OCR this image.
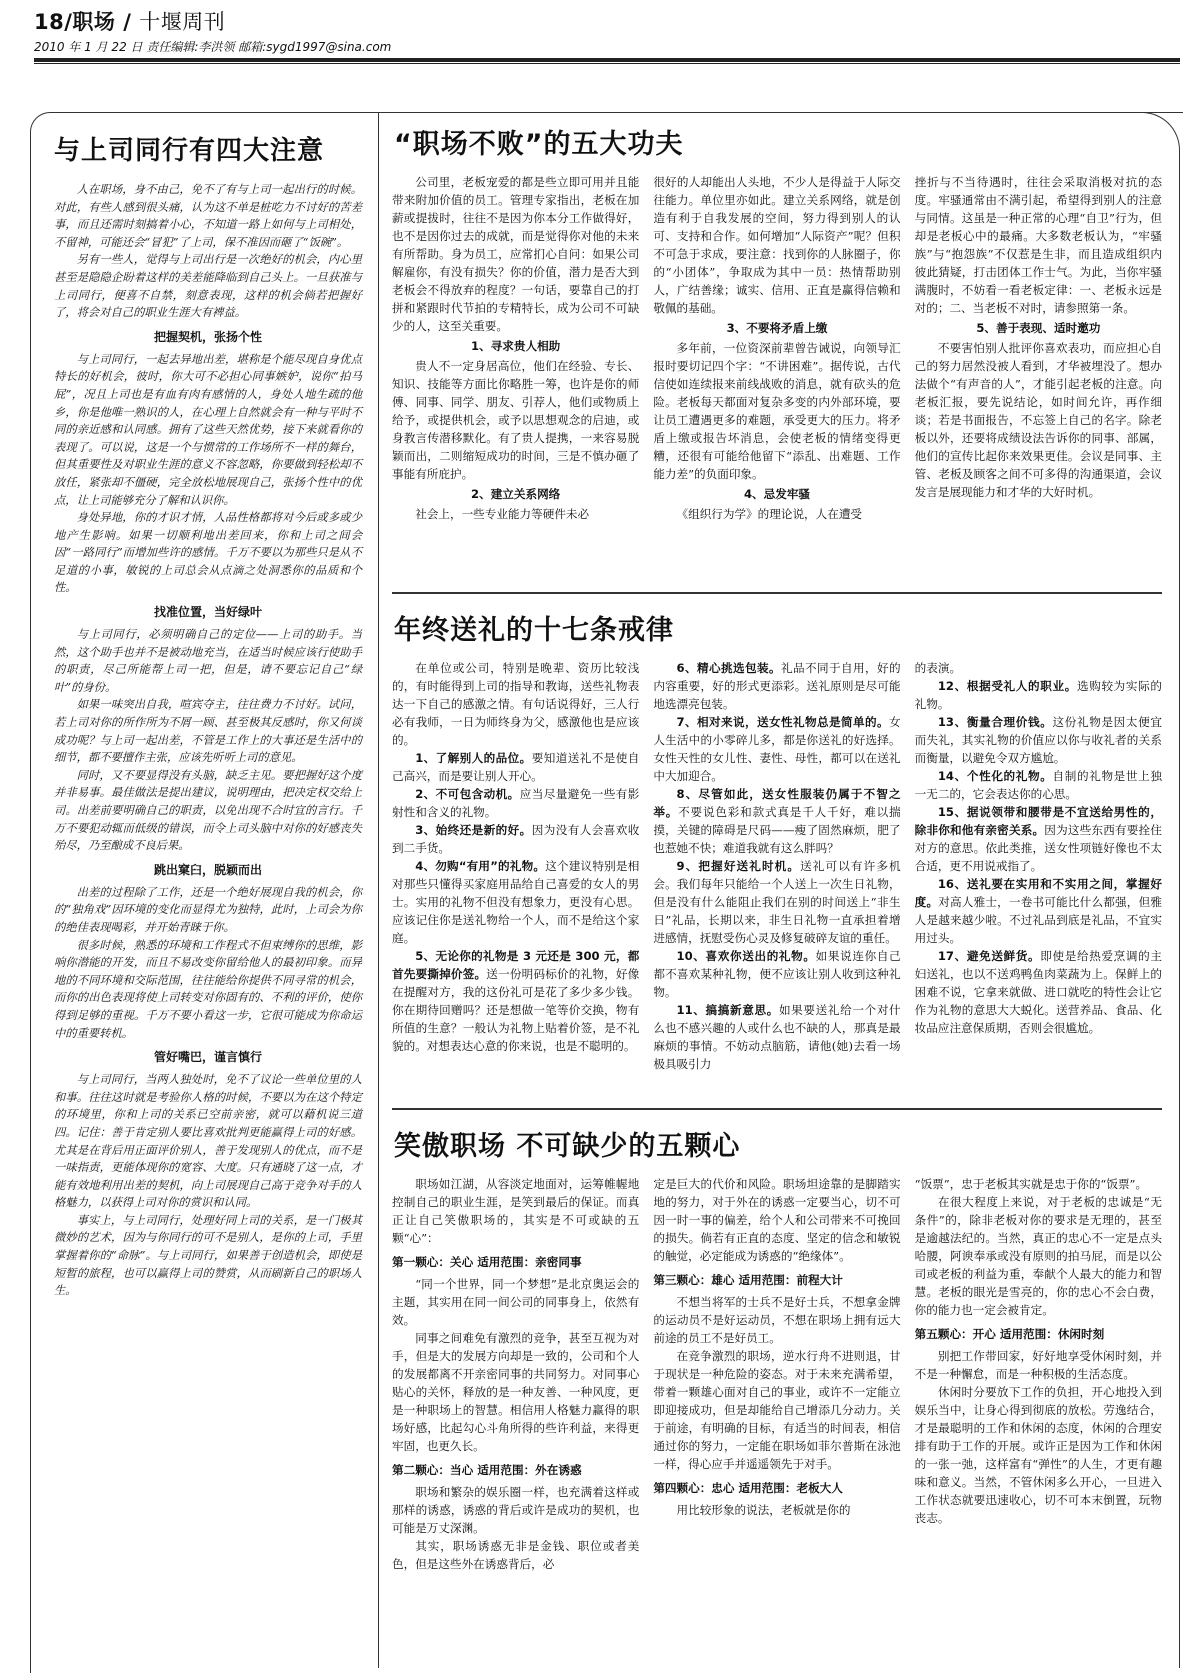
18/职场 / 十堰周刊
2010 年 1 月 22 日 责任编辑:李洪领 邮箱:sygd1997@sina.com
与上司同行有四大注意

人在职场，身不由己，免不了有与上司一起出行的时候。对此，有些人感到很头痛，认为这不单是桩吃力不讨好的苦差事，而且还需时刻搞着小心，不知道一路上如何与上司相处，不留神，可能还会“冒犯”了上司，保不准因而砸了“饭碗”。

另有一些人，觉得与上司出行是一次绝好的机会，内心里甚至是隐隐企盼着这样的美差能降临到自己头上。一旦获准与上司同行，便喜不自禁，刻意表现，这样的机会倘若把握好了，将会对自己的职业生涯大有裨益。

把握契机，张扬个性

与上司同行，一起去异地出差，堪称是个能尽现自身优点特长的好机会，彼时，你大可不必担心同事嫉妒，说你“拍马屁”，况且上司也是有血有肉有感情的人，身处人地生疏的他乡，你是他唯一熟识的人，在心理上自然就会有一种与平时不同的亲近感和认同感。拥有了这些天然优势，接下来就看你的表现了。可以说，这是一个与惯常的工作场所不一样的舞台，但其重要性及对职业生涯的意义不容忽略，你要做到轻松却不放任，紧张却不僵硬，完全放松地展现自己，张扬个性中的优点，让上司能够充分了解和认识你。

身处异地，你的才识才情，人品性格都将对今后或多或少地产生影响。如果一切顺利地出差回来，你和上司之间会因“一路同行”而增加些许的感情。千万不要以为那些只是从不足道的小事，敏锐的上司总会从点滴之处洞悉你的品质和个性。

找准位置，当好绿叶

与上司同行，必须明确自己的定位——上司的助手。当然，这个助手也并不是被动地充当，在适当时候应该行使助手的职责，尽己所能帮上司一把，但是，请不要忘记自己“绿叶”的身份。

如果一味突出自我，喧宾夺主，往往费力不讨好。试问，若上司对你的所作所为不屑一顾、甚至极其反感时，你又何谈成功呢？与上司一起出差，不管是工作上的大事还是生活中的细节，都不要擅作主张，应该先听听上司的意见。

同时，又不要显得没有头脑，缺乏主见。要把握好这个度并非易事。最佳做法是提出建议，说明理由，把决定权交给上司。出差前要明确自己的职责，以免出现不合时宜的言行。千万不要犯动辄而低级的错误，而令上司头脑中对你的好感丧失殆尽，乃至酿成不良后果。

跳出窠臼，脱颖而出

出差的过程除了工作，还是一个绝好展现自我的机会，你的“独角戏”因环境的变化而显得尤为独特，此时，上司会为你的绝佳表现喝彩，并开始青睐于你。

很多时候，熟悉的环境和工作程式不但束缚你的思维，影响你潜能的开发，而且不易改变你留给他人的最初印象。而异地的不同环境和交际范围，往往能给你提供不同寻常的机会，而你的出色表现将使上司转变对你固有的、不利的评价，使你得到足够的重视。千万不要小看这一步，它很可能成为你命运中的重要转机。

管好嘴巴，谨言慎行

与上司同行，当两人独处时，免不了议论一些单位里的人和事。往往这时就是考验你人格的时候，不要以为在这个特定的环境里，你和上司的关系已空前亲密，就可以藉机说三道四。记住：善于肯定别人要比喜欢批判更能赢得上司的好感。尤其是在背后用正面评价别人，善于发现别人的优点，而不是一味指责，更能体现你的宽容、大度。只有通晓了这一点，才能有效地利用出差的契机，向上司展现自己高于竞争对手的人格魅力，以获得上司对你的赏识和认同。

事实上，与上司同行，处理好同上司的关系，是一门极其微妙的艺术，因为与你同行的可不是别人，是你的上司，手里掌握着你的“命脉”。与上司同行，如果善于创造机会，即使是短暂的旅程，也可以赢得上司的赞赏，从而刷新自己的职场人生。

“职场不败”的五大功夫

公司里，老板宠爱的都是些立即可用并且能带来附加价值的员工。管理专家指出，老板在加薪或提拔时，往往不是因为你本分工作做得好，也不是因你过去的成就，而是觉得你对他的未来有所帮助。身为员工，应常扪心自问：如果公司解雇你，有没有损失？你的价值，潜力是否大到老板会不得放弃的程度？一句话，要靠自己的打拼和紧跟时代节拍的专精特长，成为公司不可缺少的人，这至关重要。

1、寻求贵人相助

贵人不一定身居高位，他们在经验、专长、知识、技能等方面比你略胜一筹，也许是你的师傅、同事、同学、朋友、引荐人，他们或物质上给予，或提供机会，或予以思想观念的启迪，或身教言传潜移默化。有了贵人提携，一来容易脱颖而出，二则缩短成功的时间，三是不慎办砸了事能有所庇护。

2、建立关系网络

社会上，一些专业能力等硬件未必

很好的人却能出人头地，不少人是得益于人际交往能力。单位里亦如此。建立关系网络，就是创造有利于自我发展的空间，努力得到别人的认可、支持和合作。如何增加“人际资产”呢？但积不可急于求成，要注意：找到你的人脉圈子，你的“小团体”，争取成为其中一员：热情帮助别人，广结善缘；诚实、信用、正直是赢得信赖和敬佩的基础。

3、不要将矛盾上缴

多年前，一位资深前辈曾告诫说，向领导汇报时要切记四个字：“不讲困难”。据传说，古代信使如连续报来前线战败的消息，就有砍头的危险。老板每天都面对复杂多变的内外部环境，要让员工遭遇更多的难题，承受更大的压力。将矛盾上缴或报告坏消息，会使老板的情绪变得更糟，还很有可能给他留下“添乱、出难题、工作能力差”的负面印象。

4、忌发牢骚

《组织行为学》的理论说，人在遭受

挫折与不当待遇时，往往会采取消极对抗的态度。牢骚通常由不满引起，希望得到别人的注意与同情。这虽是一种正常的心理“自卫”行为，但却是老板心中的最痛。大多数老板认为，“牢骚族”与“抱怨族”不仅惹是生非，而且造成组织内彼此猜疑，打击团体工作士气。为此，当你牢骚满腹时，不妨看一看老板定律：一、老板永远是对的；二、当老板不对时，请参照第一条。

5、善于表现、适时邀功

不要害怕别人批评你喜欢表功，而应担心自己的努力居然没被人看到，才华被埋没了。想办法做个“有声音的人”，才能引起老板的注意。向老板汇报，要先说结论，如时间允许，再作细谈；若是书面报告，不忘签上自己的名字。除老板以外，还要将成绩设法告诉你的同事、部属，他们的宣传比起你来效果更佳。会议是同事、主管、老板及顾客之间不可多得的沟通渠道，会议发言是展现能力和才华的大好时机。

年终送礼的十七条戒律

在单位或公司，特别是晚辈、资历比较浅的，有时能得到上司的指导和教诲，送些礼物表达一下自己的感激之情。有句话说得好，三人行必有我师，一日为师终身为父，感激他也是应该的。

1、了解别人的品位。要知道送礼不是使自己高兴，而是要让别人开心。

2、不可包含动机。应当尽量避免一些有影射性和含义的礼物。

3、始终还是新的好。因为没有人会喜欢收到二手货。

4、勿购“有用”的礼物。这个建议特别是相对那些只懂得买家庭用品给自己喜爱的女人的男士。实用的礼物不但没有想象力，更没有心思。应该记住你是送礼物给一个人，而不是给这个家庭。

5、无论你的礼物是 3 元还是 300 元，都首先要撕掉价签。送一份明码标价的礼物，好像在提醒对方，我的这份礼可是花了多少多少钱。你在期待回赠吗？还是想做一笔等价交换，物有所值的生意？一般认为礼物上贴着价签，是不礼貌的。对想表达心意的你来说，也是不聪明的。

6、精心挑选包装。礼品不同于自用，好的内容重要，好的形式更添彩。送礼原则是尽可能地选漂亮包装。

7、相对来说，送女性礼物总是简单的。女人生活中的小零碎儿多，都是你送礼的好选择。女性天性的女儿性、妻性、母性，都可以在送礼中大加迎合。

8、尽管如此，送女性服装仍属于不智之举。不要说色彩和款式真是千人千好，难以揣摸，关键的障碍是尺码——瘦了固然麻烦，肥了也惹她不快；难道我就有这么胖吗？

9、把握好送礼时机。送礼可以有许多机会。我们每年只能给一个人送上一次生日礼物，但是没有什么能阻止我们在别的时间送上“非生日”礼品，长期以来，非生日礼物一直承担着增进感情，抚慰受伤心灵及修复破碎友谊的重任。

10、喜欢你送出的礼物。如果说连你自己都不喜欢某种礼物，便不应该让别人收到这种礼物。

11、搞搞新意思。如果要送礼给一个对什么也不感兴趣的人或什么也不缺的人，那真是最麻烦的事情。不妨动点脑筋，请他(她)去看一场极具吸引力

的表演。

12、根据受礼人的职业。选购较为实际的礼物。

13、衡量合理价钱。这份礼物是因太便宜而失礼，其实礼物的价值应以你与收礼者的关系而衡量，以避免令双方尴尬。

14、个性化的礼物。自制的礼物是世上独一无二的，它会表达你的心思。

15、据说领带和腰带是不宜送给男性的，除非你和他有亲密关系。因为这些东西有要拴住对方的意思。依此类推，送女性项链好像也不太合适，更不用说戒指了。

16、送礼要在实用和不实用之间，掌握好度。对高人雅士，一卷书可能比什么都强，但雅人是越来越少啦。不过礼品到底是礼品，不宜实用过头。

17、避免送鲜货。即使是给热爱烹调的主妇送礼，也以不送鸡鸭鱼肉菜蔬为上。保鲜上的困难不说，它拿来就做、进口就吃的特性会让它作为礼物的意思大大蜕化。送营养品、食品、化妆品应注意保质期，否则会很尴尬。

笑傲职场 不可缺少的五颗心

职场如江湖，从容淡定地面对，运筹帷幄地控制自己的职业生涯，是笑到最后的保证。而真正让自己笑傲职场的，其实是不可或缺的五颗“心”：

第一颗心：关心 适用范围：亲密同事

“同一个世界，同一个梦想”是北京奥运会的主题，其实用在同一间公司的同事身上，依然有效。

同事之间难免有激烈的竞争，甚至互视为对手，但是大的发展方向却是一致的，公司和个人的发展都离不开亲密同事的共同努力。对同事心贴心的关怀，释放的是一种友善、一种风度，更是一种职场上的智慧。相信用人格魅力赢得的职场好感，比起勾心斗角所得的些许利益，来得更牢固，也更久长。

第二颗心：当心 适用范围：外在诱惑

职场和繁杂的娱乐圈一样，也充满着这样或那样的诱惑，诱惑的背后或许是成功的契机，也可能是万丈深渊。

其实，职场诱惑无非是金钱、职位或者美色，但是这些外在诱惑背后，必

定是巨大的代价和风险。职场坦途靠的是脚踏实地的努力，对于外在的诱惑一定要当心，切不可因一时一事的偏差，给个人和公司带来不可挽回的损失。倘若有正直的态度、坚定的信念和敏锐的触觉，必定能成为诱惑的“绝缘体”。

第三颗心：雄心 适用范围：前程大计

不想当将军的士兵不是好士兵，不想拿金牌的运动员不是好运动员，不想在职场上拥有远大前途的员工不是好员工。

在竞争激烈的职场，逆水行舟不进则退，甘于现状是一种危险的姿态。对于未来充满希望，带着一颗雄心面对自己的事业，或许不一定能立即迎接成功，但是却能给自己增添几分动力。关于前途，有明确的目标，有适当的时间表，相信通过你的努力，一定能在职场如菲尔普斯在泳池一样，得心应手并遥遥领先于对手。

第四颗心：忠心 适用范围：老板大人

用比较形象的说法，老板就是你的

“饭票”，忠于老板其实就是忠于你的“饭票”。

在很大程度上来说，对于老板的忠诚是“无条件”的，除非老板对你的要求是无理的，甚至是逾越法纪的。当然，真正的忠心不一定是点头哈腰，阿谀奉承或没有原则的拍马屁，而是以公司或老板的利益为重，奉献个人最大的能力和智慧。老板的眼光是雪亮的，你的忠心不会白费，你的能力也一定会被肯定。

第五颗心：开心 适用范围：休闲时刻

别把工作带回家，好好地享受休闲时刻，并不是一种懈怠，而是一种积极的生活态度。

休闲时分要放下工作的负担，开心地投入到娱乐当中，让身心得到彻底的放松。劳逸结合，才是最聪明的工作和休闲的态度，休闲的合理安排有助于工作的开展。或许正是因为工作和休闲的一张一弛，这样富有“弹性”的人生，才更有趣味和意义。当然，不管休闲多么开心，一旦进入工作状态就要迅速收心，切不可本末倒置，玩物丧志。
